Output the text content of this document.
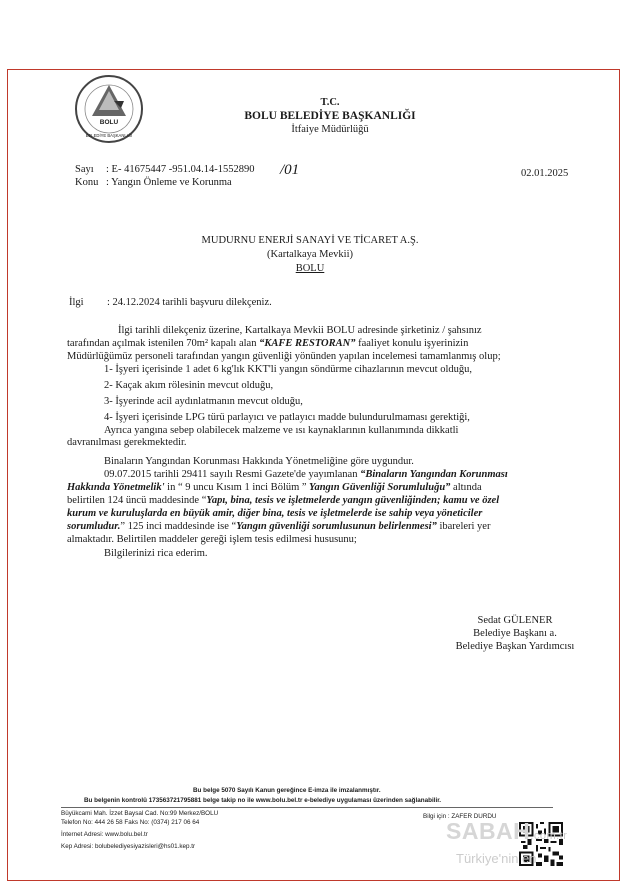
BOLU
BELEDİYE BAŞKANLIĞI
T.C.
BOLU BELEDİYE BAŞKANLIĞI
İtfaiye Müdürlüğü
Sayı : E- 41675447 -951.04.14-1552890 /01
Konu : Yangın Önleme ve Korunma
02.01.2025
MUDURNU ENERJİ SANAYİ VE TİCARET A.Ş.
(Kartalkaya Mevkii)
BOLU
İlgi : 24.12.2024 tarihli başvuru dilekçeniz.
İlgi tarihli dilekçeniz üzerine, Kartalkaya Mevkii BOLU adresinde şirketiniz / şahsınız
tarafından açılmak istenilen 70m² kapalı alan “KAFE RESTORAN” faaliyet konulu işyerinizin
Müdürlüğümüz personeli tarafından yangın güvenliği yönünden yapılan incelemesi tamamlanmış olup;
1- İşyeri içerisinde 1 adet 6 kg'lık KKT'li yangın söndürme cihazlarının mevcut olduğu,
2- Kaçak akım rölesinin mevcut olduğu,
3- İşyerinde acil aydınlatmanın mevcut olduğu,
4- İşyeri içerisinde LPG türü parlayıcı ve patlayıcı madde bulundurulmaması gerektiği,
Ayrıca yangına sebep olabilecek malzeme ve ısı kaynaklarının kullanımında dikkatli
davranılması gerekmektedir.
Binaların Yangından Korunması Hakkında Yönetmeliğine göre uygundur.
09.07.2015 tarihli 29411 sayılı Resmi Gazete'de yayımlanan “Binaların Yangından Korunması
Hakkında Yönetmelik' in “ 9 uncu Kısım 1 inci Bölüm ” Yangın Güvenliği Sorumluluğu” altında
belirtilen 124 üncü maddesinde “Yapı, bina, tesis ve işletmelerde yangın güvenliğinden; kamu ve özel
kurum ve kuruluşlarda en büyük amir, diğer bina, tesis ve işletmelerde ise sahip veya yöneticiler
sorumludur.” 125 inci maddesinde ise “Yangın güvenliği sorumlusunun belirlenmesi” ibareleri yer
almaktadır. Belirtilen maddeler gereği işlem tesis edilmesi hususunu;
Bilgilerinizi rica ederim.
Sedat GÜLENER
Belediye Başkanı a.
Belediye Başkan Yardımcısı
Bu belge 5070 Sayılı Kanun gereğince E-imza ile imzalanmıştır.
Bu belgenin kontrolü 173563721795881 belge takip no ile www.bolu.bel.tr e-belediye uygulaması üzerinden sağlanabilir.
Büyükcami Mah. İzzet Baysal Cad. No:99 Merkez/BOLU
Telefon No: 444 26 58 Faks No: (0374) 217 06 64
İnternet Adresi: www.bolu.bel.tr
Kep Adresi: bolubelediyesiyazisleri@hs01.kep.tr
Bilgi için : ZAFER DURDU
SABAH.com.tr
Türkiye'nin en
